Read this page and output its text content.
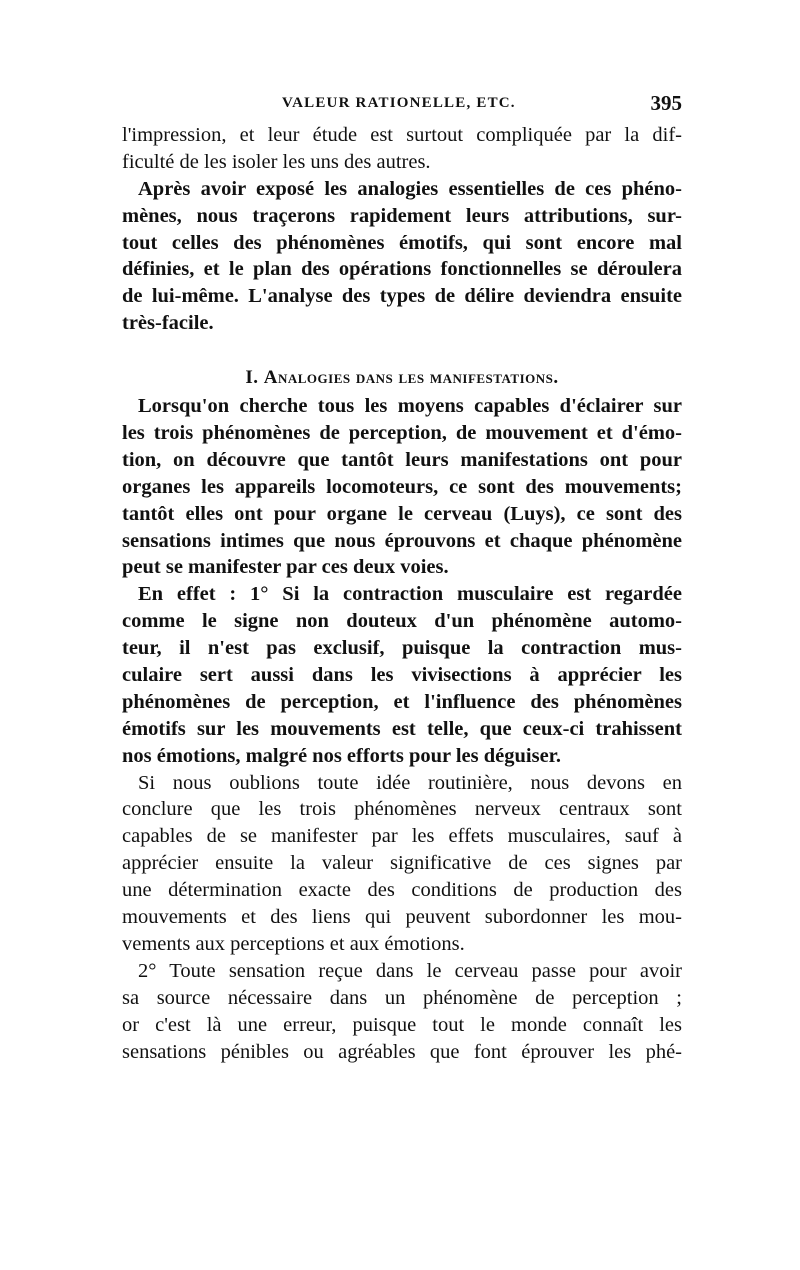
VALEUR RATIONELLE, ETC.	395
l'impression, et leur étude est surtout compliquée par la dif-
ficulté de les isoler les uns des autres.
Après avoir exposé les analogies essentielles de ces phéno-
mènes, nous traçerons rapidement leurs attributions, sur-
tout celles des phénomènes émotifs, qui sont encore mal
définies, et le plan des opérations fonctionnelles se déroulera
de lui-même. L'analyse des types de délire deviendra ensuite
très-facile.
I. Analogies dans les manifestations.
Lorsqu'on cherche tous les moyens capables d'éclairer sur
les trois phénomènes de perception, de mouvement et d'émo-
tion, on découvre que tantôt leurs manifestations ont pour
organes les appareils locomoteurs, ce sont des mouvements;
tantôt elles ont pour organe le cerveau (Luys), ce sont des
sensations intimes que nous éprouvons et chaque phénomène
peut se manifester par ces deux voies.
En effet : 1° Si la contraction musculaire est regardée
comme le signe non douteux d'un phénomène automo-
teur, il n'est pas exclusif, puisque la contraction mus-
culaire sert aussi dans les vivisections à apprécier les
phénomènes de perception, et l'influence des phénomènes
émotifs sur les mouvements est telle, que ceux-ci trahissent
nos émotions, malgré nos efforts pour les déguiser.
Si nous oublions toute idée routinière, nous devons en
conclure que les trois phénomènes nerveux centraux sont
capables de se manifester par les effets musculaires, sauf à
apprécier ensuite la valeur significative de ces signes par
une détermination exacte des conditions de production des
mouvements et des liens qui peuvent subordonner les mou-
vements aux perceptions et aux émotions.
2° Toute sensation reçue dans le cerveau passe pour avoir
sa source nécessaire dans un phénomène de perception ;
or c'est là une erreur, puisque tout le monde connaît les
sensations pénibles ou agréables que font éprouver les phé-
